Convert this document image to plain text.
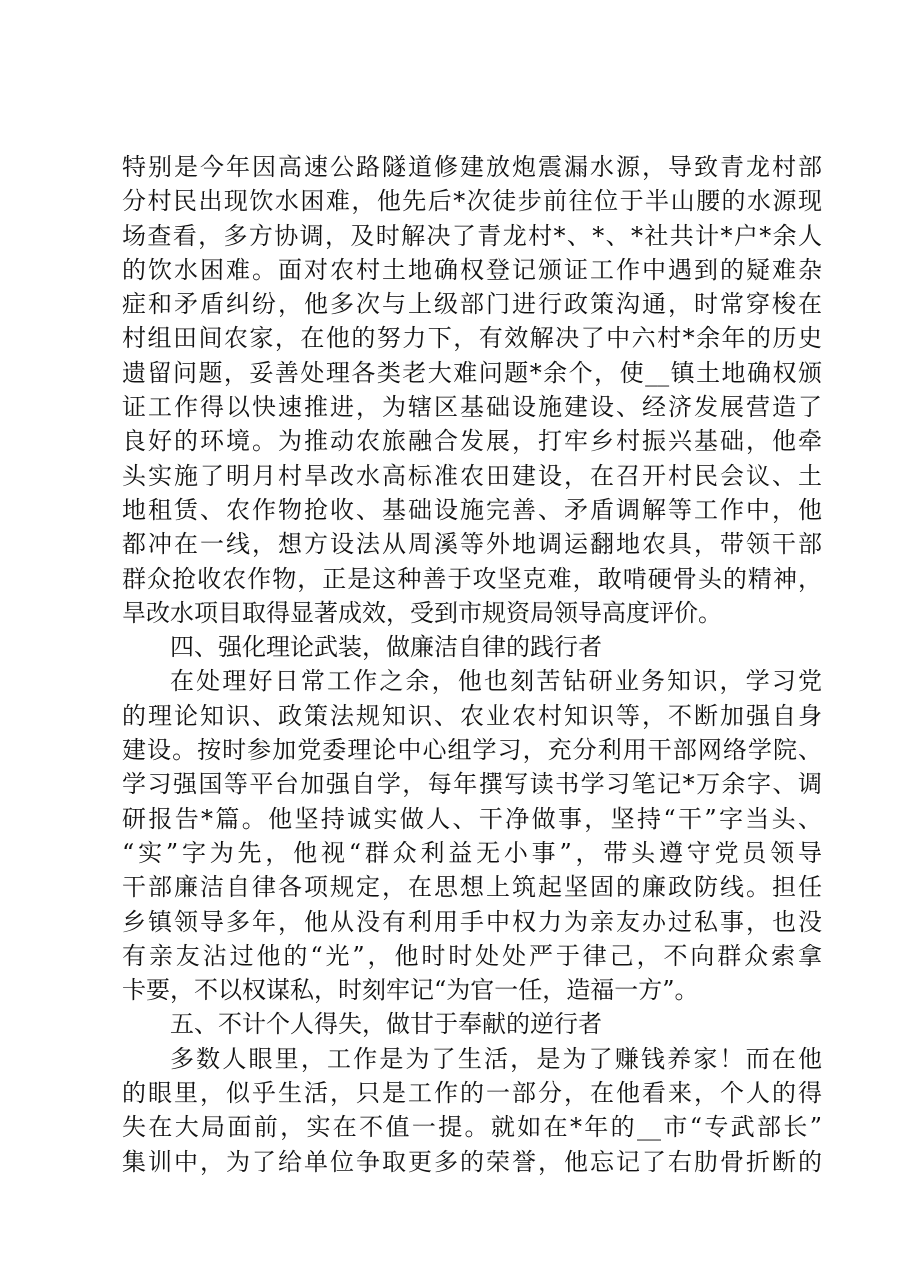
特别是今年因高速公路隧道修建放炮震漏水源，导致青龙村部
分村民出现饮水困难，他先后*次徒步前往位于半山腰的水源现
场查看，多方协调，及时解决了青龙村*、*、*社共计*户*余人
的饮水困难。面对农村土地确权登记颁证工作中遇到的疑难杂
症和矛盾纠纷，他多次与上级部门进行政策沟通，时常穿梭在
村组田间农家，在他的努力下，有效解决了中六村*余年的历史
遗留问题，妥善处理各类老大难问题*余个，使__镇土地确权颁
证工作得以快速推进，为辖区基础设施建设、经济发展营造了
良好的环境。为推动农旅融合发展，打牢乡村振兴基础，他牵
头实施了明月村旱改水高标准农田建设，在召开村民会议、土
地租赁、农作物抢收、基础设施完善、矛盾调解等工作中，他
都冲在一线，想方设法从周溪等外地调运翻地农具，带领干部
群众抢收农作物，正是这种善于攻坚克难，敢啃硬骨头的精神，
旱改水项目取得显著成效，受到市规资局领导高度评价。
四、强化理论武装，做廉洁自律的践行者
在处理好日常工作之余，他也刻苦钻研业务知识，学习党
的理论知识、政策法规知识、农业农村知识等，不断加强自身
建设。按时参加党委理论中心组学习，充分利用干部网络学院、
学习强国等平台加强自学，每年撰写读书学习笔记*万余字、调
研报告*篇。他坚持诚实做人、干净做事，坚持“干”字当头、
“实”字为先，他视“群众利益无小事”，带头遵守党员领导
干部廉洁自律各项规定，在思想上筑起坚固的廉政防线。担任
乡镇领导多年，他从没有利用手中权力为亲友办过私事，也没
有亲友沾过他的“光”，他时时处处严于律己，不向群众索拿
卡要，不以权谋私，时刻牢记“为官一任，造福一方”。
五、不计个人得失，做甘于奉献的逆行者
多数人眼里，工作是为了生活，是为了赚钱养家！而在他
的眼里，似乎生活，只是工作的一部分，在他看来，个人的得
失在大局面前，实在不值一提。就如在*年的__市“专武部长”
集训中，为了给单位争取更多的荣誉，他忘记了右肋骨折断的
